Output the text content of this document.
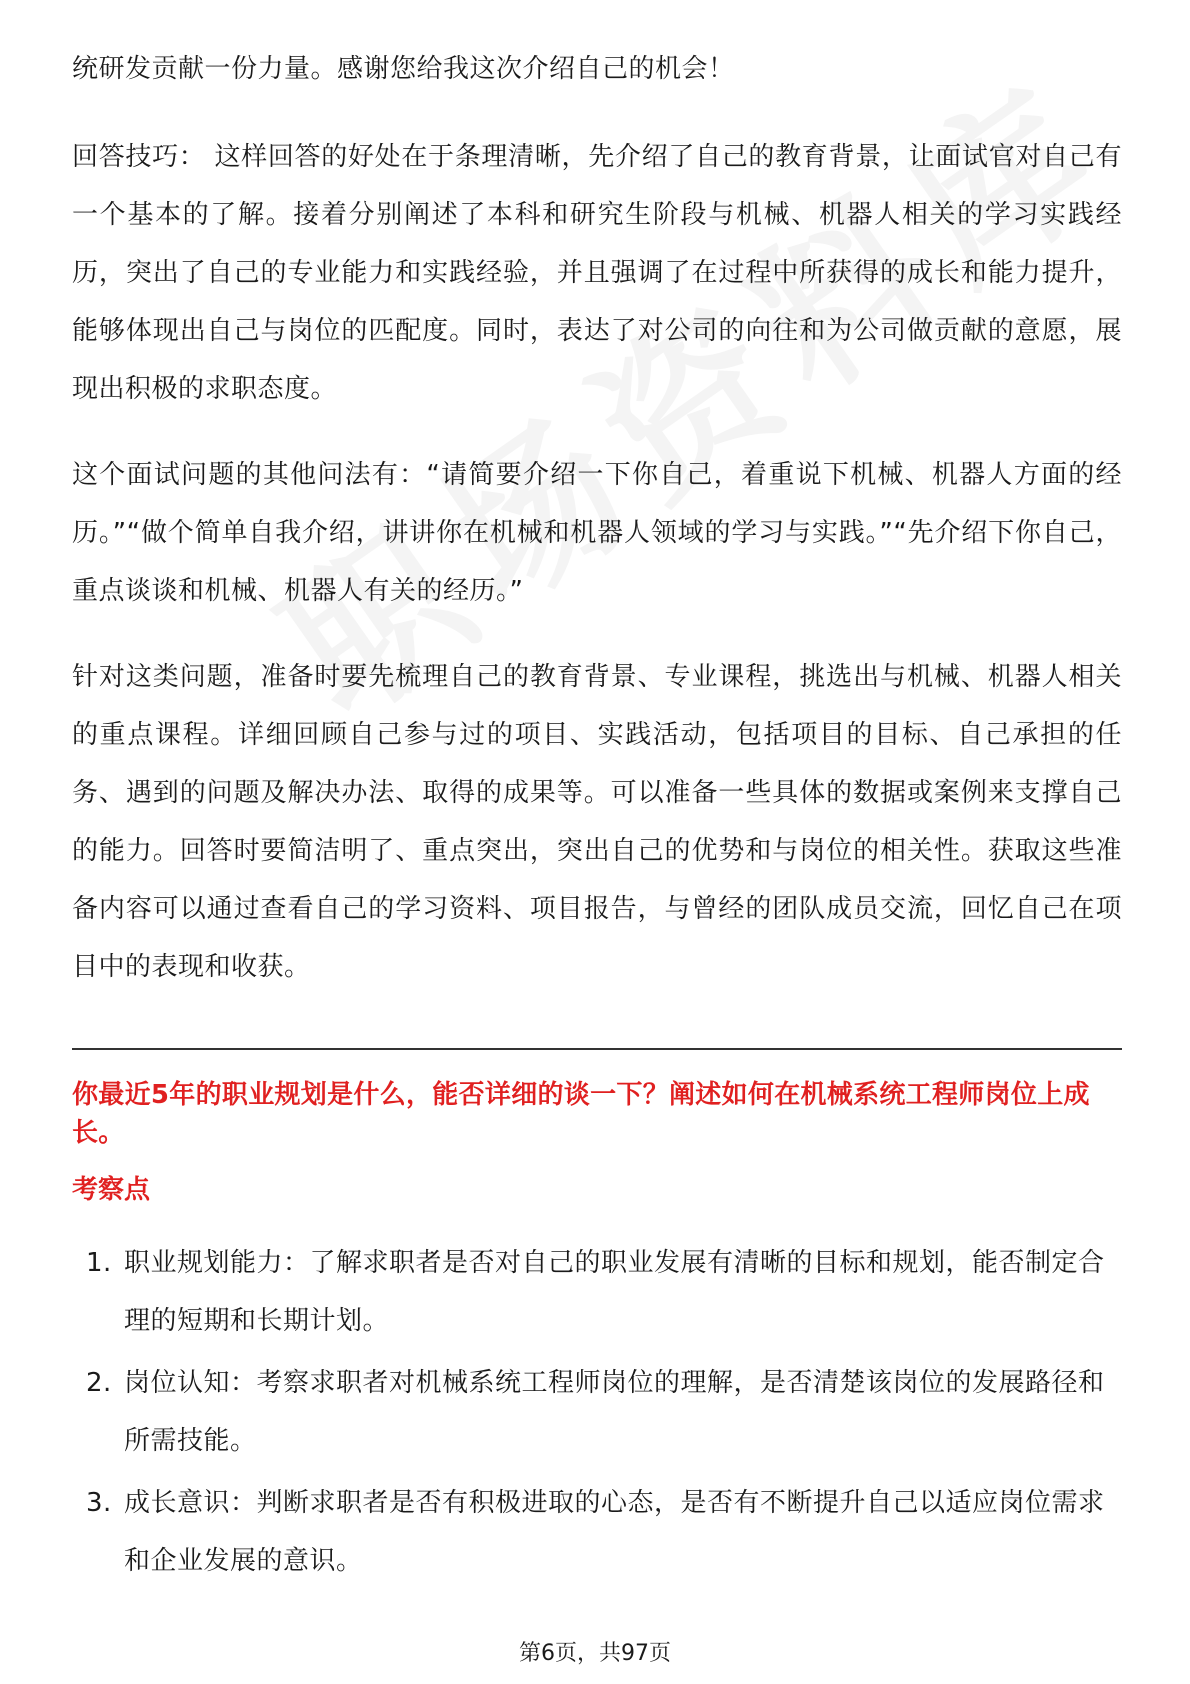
统研发贡献一份力量。感谢您给我这次介绍自己的机会！

回答技巧： 这样回答的好处在于条理清晰，先介绍了自己的教育背景，让面试官对自己有一个基本的了解。接着分别阐述了本科和研究生阶段与机械、机器人相关的学习实践经历，突出了自己的专业能力和实践经验，并且强调了在过程中所获得的成长和能力提升，能够体现出自己与岗位的匹配度。同时，表达了对公司的向往和为公司做贡献的意愿，展现出积极的求职态度。

这个面试问题的其他问法有：“请简要介绍一下你自己，着重说下机械、机器人方面的经历。”“做个简单自我介绍，讲讲你在机械和机器人领域的学习与实践。”“先介绍下你自己，重点谈谈和机械、机器人有关的经历。”

针对这类问题，准备时要先梳理自己的教育背景、专业课程，挑选出与机械、机器人相关的重点课程。详细回顾自己参与过的项目、实践活动，包括项目的目标、自己承担的任务、遇到的问题及解决办法、取得的成果等。可以准备一些具体的数据或案例来支撑自己的能力。回答时要简洁明了、重点突出，突出自己的优势和与岗位的相关性。获取这些准备内容可以通过查看自己的学习资料、项目报告，与曾经的团队成员交流，回忆自己在项目中的表现和收获。

你最近5年的职业规划是什么，能否详细的谈一下？阐述如何在机械系统工程师岗位上成长。
考察点
1. 职业规划能力：了解求职者是否对自己的职业发展有清晰的目标和规划，能否制定合理的短期和长期计划。
2. 岗位认知：考察求职者对机械系统工程师岗位的理解，是否清楚该岗位的发展路径和所需技能。
3. 成长意识：判断求职者是否有积极进取的心态，是否有不断提升自己以适应岗位需求和企业发展的意识。
第6页，共97页
